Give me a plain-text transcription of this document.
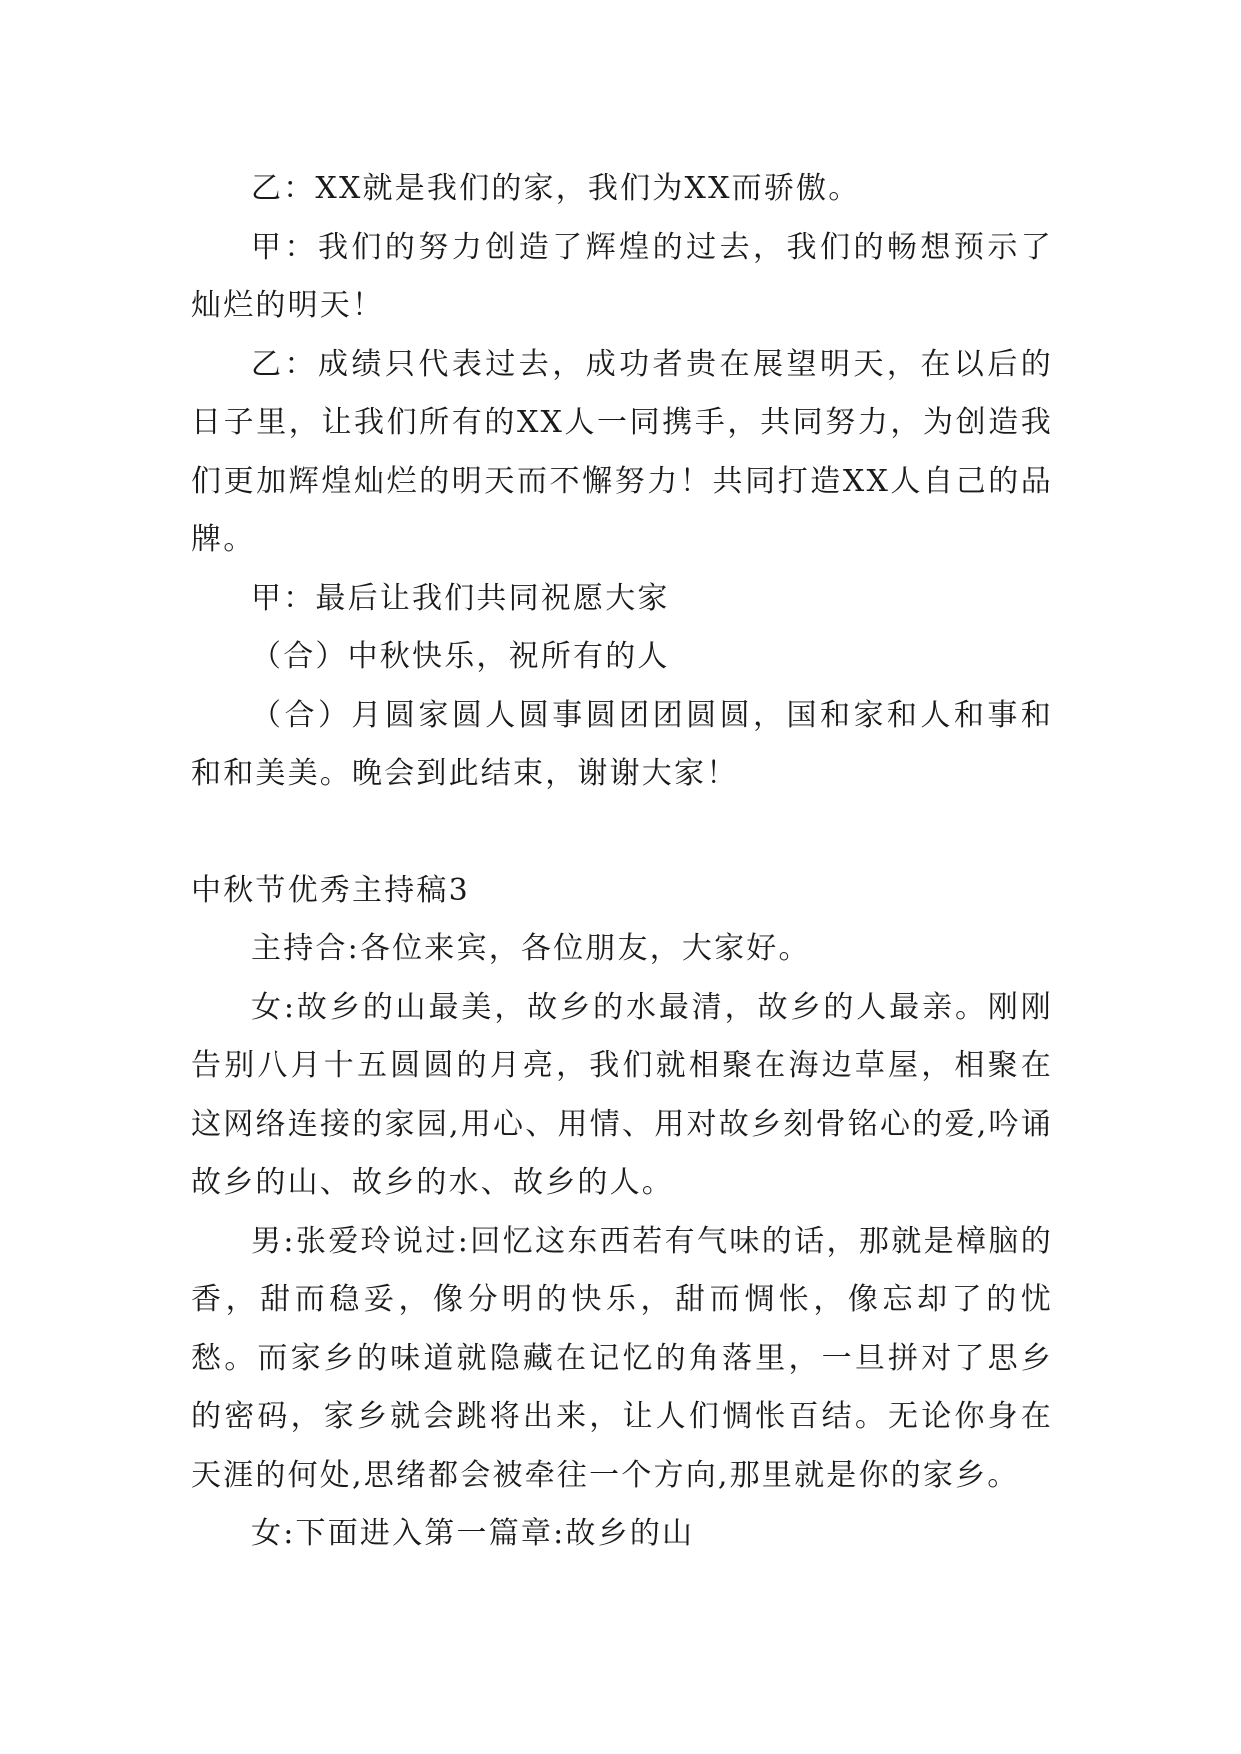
乙：XX就是我们的家，我们为XX而骄傲。

甲：我们的努力创造了辉煌的过去，我们的畅想预示了灿烂的明天！

乙：成绩只代表过去，成功者贵在展望明天，在以后的日子里，让我们所有的XX人一同携手，共同努力，为创造我们更加辉煌灿烂的明天而不懈努力！共同打造XX人自己的品牌。

甲：最后让我们共同祝愿大家

（合）中秋快乐，祝所有的人

（合）月圆家圆人圆事圆团团圆圆，国和家和人和事和和和美美。晚会到此结束，谢谢大家！

中秋节优秀主持稿3

主持合:各位来宾，各位朋友，大家好。

女:故乡的山最美，故乡的水最清，故乡的人最亲。刚刚告别八月十五圆圆的月亮，我们就相聚在海边草屋，相聚在这网络连接的家园,用心、用情、用对故乡刻骨铭心的爱,吟诵故乡的山、故乡的水、故乡的人。

男:张爱玲说过:回忆这东西若有气味的话，那就是樟脑的香，甜而稳妥，像分明的快乐，甜而惆怅，像忘却了的忧愁。而家乡的味道就隐藏在记忆的角落里，一旦拼对了思乡的密码，家乡就会跳将出来，让人们惆怅百结。无论你身在天涯的何处,思绪都会被牵往一个方向,那里就是你的家乡。

女:下面进入第一篇章:故乡的山
